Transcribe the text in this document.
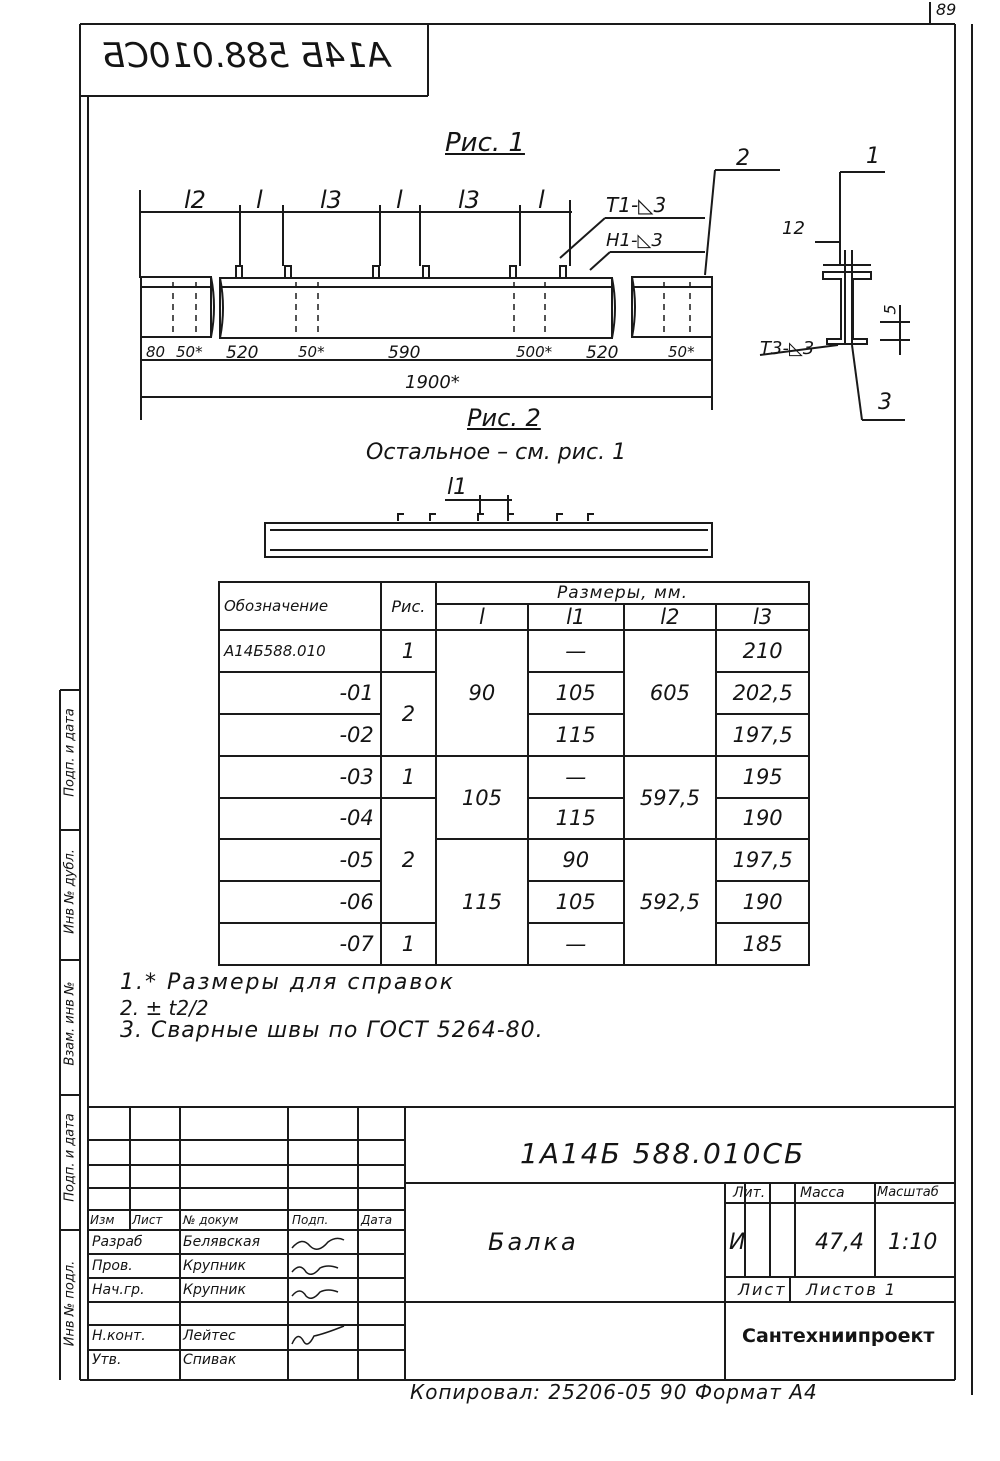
89
А14Б 588.010СБ
Рис. 1
l2 l l3 l l3 l	Т1-◺3
Н1-◺3
2	1
12
5
Т3-◺3
3
80 50* 520	50*	590	500* 520	50*
1900*
Рис. 2
Остальное – см. рис. 1
l1
Обозначение	Рис.	Размеры, мм.			
		l	l1	l2	l3
А14Б588.010	1	90	—	605	210
-01	2		105		202,5
-02			115		197,5
-03	1	105	—	597,5	195
-04	2		115		190
-05		115	90	592,5	197,5
-06			105		190
-07	1		—		185
1.* Размеры для справок
2. ± t2/2
3. Сварные швы по ГОСТ 5264-80.
Подп. и дата
Инв № дубл.
Взам. инв №
Подп. и дата
Инв № подл.
1А14Б 588.010СБ
Балка
Изм Лист № докум	Подп.	Дата
Разраб	Белявская
Пров.	Крупник
Нач.гр.	Крупник
Н.конт.	Лейтес
Утв.	Спивак
Лит. Масса Масштаб
И	47,4 1:10
Лист Листов 1
Сантехниипроект
Копировал: 25206-05 90 Формат А4
